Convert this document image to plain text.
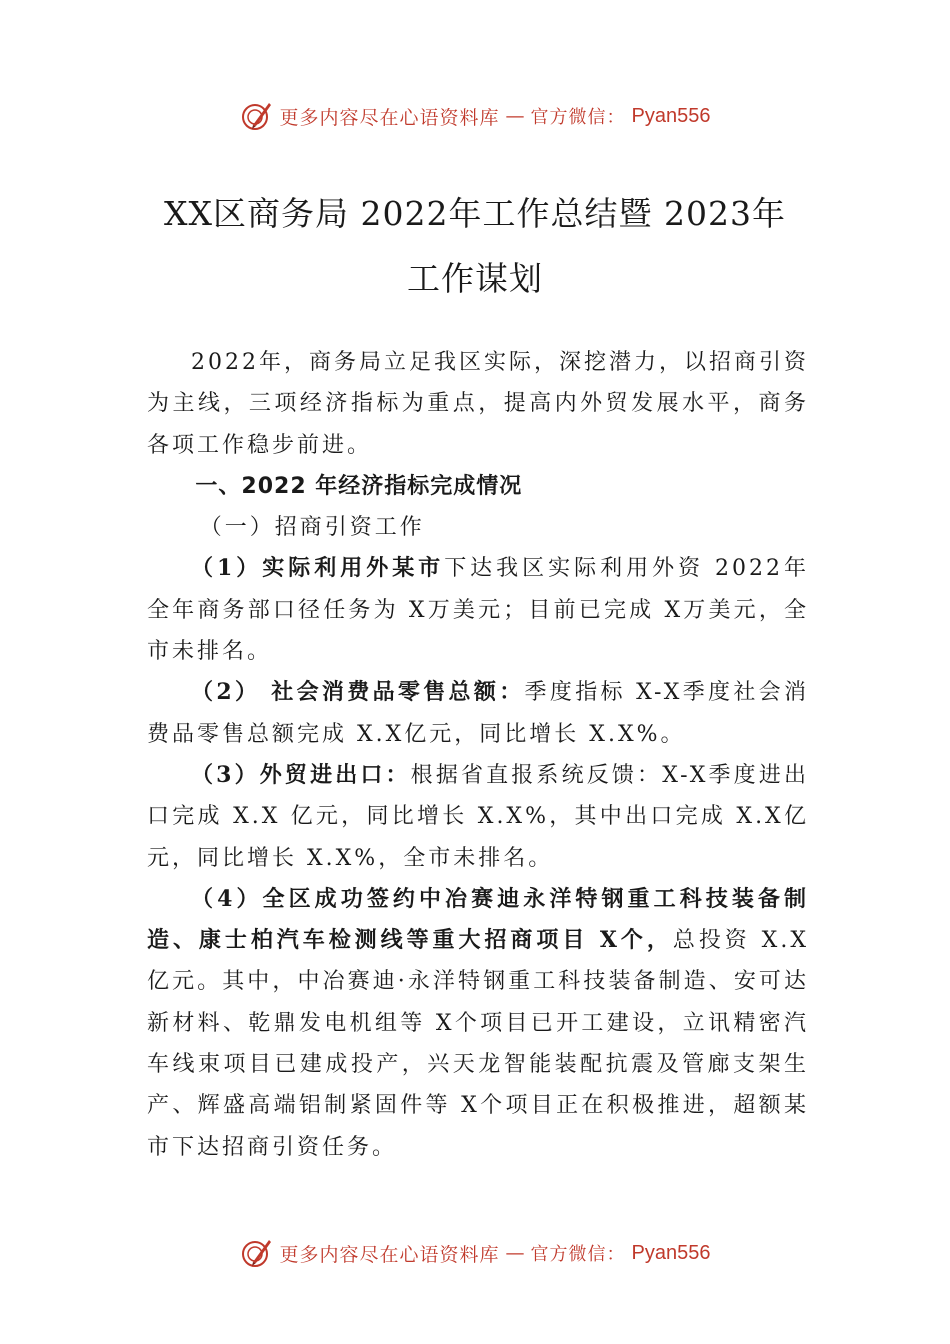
更多内容尽在心语资料库 — 官方微信： Pyan556
XX区商务局 2022年工作总结暨 2023年
工作谋划

2022年，商务局立足我区实际，深挖潜力，以招商引资为主线，三项经济指标为重点，提高内外贸发展水平，商务各项工作稳步前进。

一、2022 年经济指标完成情况

（一）招商引资工作

（1）实际利用外某市下达我区实际利用外资 2022年全年商务部口径任务为 X万美元；目前已完成 X万美元，全市未排名。

（2） 社会消费品零售总额：季度指标 X-X季度社会消费品零售总额完成 X.X亿元，同比增长 X.X%。

（3）外贸进出口：根据省直报系统反馈：X-X季度进出口完成 X.X 亿元，同比增长 X.X%，其中出口完成 X.X亿元，同比增长 X.X%，全市未排名。

（4）全区成功签约中冶赛迪永洋特钢重工科技装备制造、康士柏汽车检测线等重大招商项目 X个，总投资 X.X亿元。其中，中冶赛迪·永洋特钢重工科技装备制造、安可达新材料、乾鼎发电机组等 X个项目已开工建设，立讯精密汽车线束项目已建成投产，兴天龙智能装配抗震及管廊支架生产、辉盛高端铝制紧固件等 X个项目正在积极推进，超额某市下达招商引资任务。

更多内容尽在心语资料库 — 官方微信： Pyan556
